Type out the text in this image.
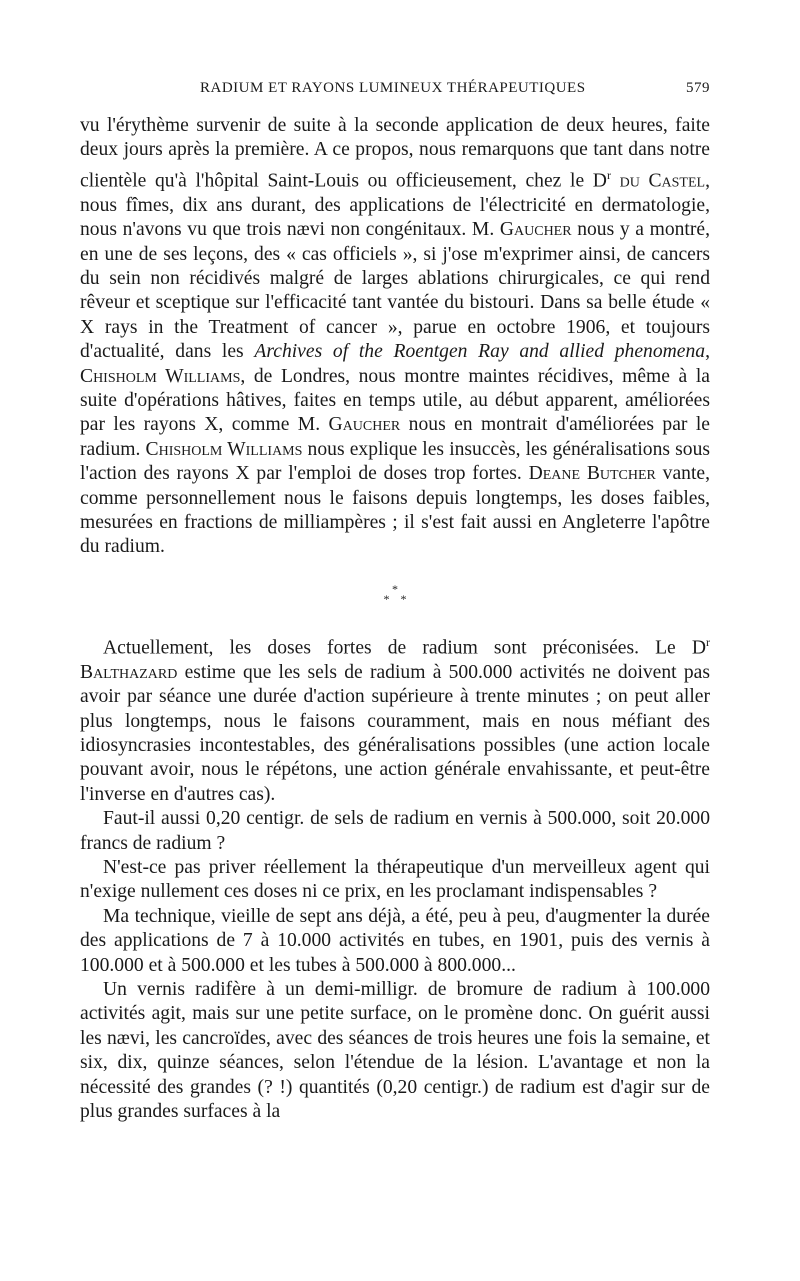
RADIUM ET RAYONS LUMINEUX THÉRAPEUTIQUES	579

vu l'érythème survenir de suite à la seconde application de deux heures, faite deux jours après la première. A ce propos, nous remarquons que tant dans notre clientèle qu'à l'hôpital Saint-Louis ou officieusement, chez le $D^r$ du Castel, nous fîmes, dix ans durant, des applications de l'électricité en dermatologie, nous n'avons vu que trois nævi non congénitaux. M. Gaucher nous y a montré, en une de ses leçons, des « cas officiels », si j'ose m'exprimer ainsi, de cancers du sein non récidivés malgré de larges ablations chirurgicales, ce qui rend rêveur et sceptique sur l'efficacité tant vantée du bistouri. Dans sa belle étude « X rays in the Treatment of cancer », parue en octobre 1906, et toujours d'actualité, dans les Archives of the Roentgen Ray and allied phenomena, Chisholm Williams, de Londres, nous montre maintes récidives, même à la suite d'opérations hâtives, faites en temps utile, au début apparent, améliorées par les rayons X, comme M. Gaucher nous en montrait d'améliorées par le radium. Chisholm Williams nous explique les insuccès, les généralisations sous l'action des rayons X par l'emploi de doses trop fortes. Deane Butcher vante, comme personnellement nous le faisons depuis longtemps, les doses faibles, mesurées en fractions de milliampères ; il s'est fait aussi en Angleterre l'apôtre du radium.

*
* *

Actuellement, les doses fortes de radium sont préconisées. Le $D^r$ Balthazard estime que les sels de radium à 500.000 activités ne doivent pas avoir par séance une durée d'action supérieure à trente minutes ; on peut aller plus longtemps, nous le faisons couramment, mais en nous méfiant des idiosyncrasies incontestables, des généralisations possibles (une action locale pouvant avoir, nous le répétons, une action générale envahissante, et peut-être l'inverse en d'autres cas).

Faut-il aussi 0,20 centigr. de sels de radium en vernis à 500.000, soit 20.000 francs de radium ?

N'est-ce pas priver réellement la thérapeutique d'un merveilleux agent qui n'exige nullement ces doses ni ce prix, en les proclamant indispensables ?

Ma technique, vieille de sept ans déjà, a été, peu à peu, d'augmenter la durée des applications de 7 à 10.000 activités en tubes, en 1901, puis des vernis à 100.000 et à 500.000 et les tubes à 500.000 à 800.000...

Un vernis radifère à un demi-milligr. de bromure de radium à 100.000 activités agit, mais sur une petite surface, on le promène donc. On guérit aussi les nævi, les cancroïdes, avec des séances de trois heures une fois la semaine, et six, dix, quinze séances, selon l'étendue de la lésion. L'avantage et non la nécessité des grandes (? !) quantités (0,20 centigr.) de radium est d'agir sur de plus grandes surfaces à la
